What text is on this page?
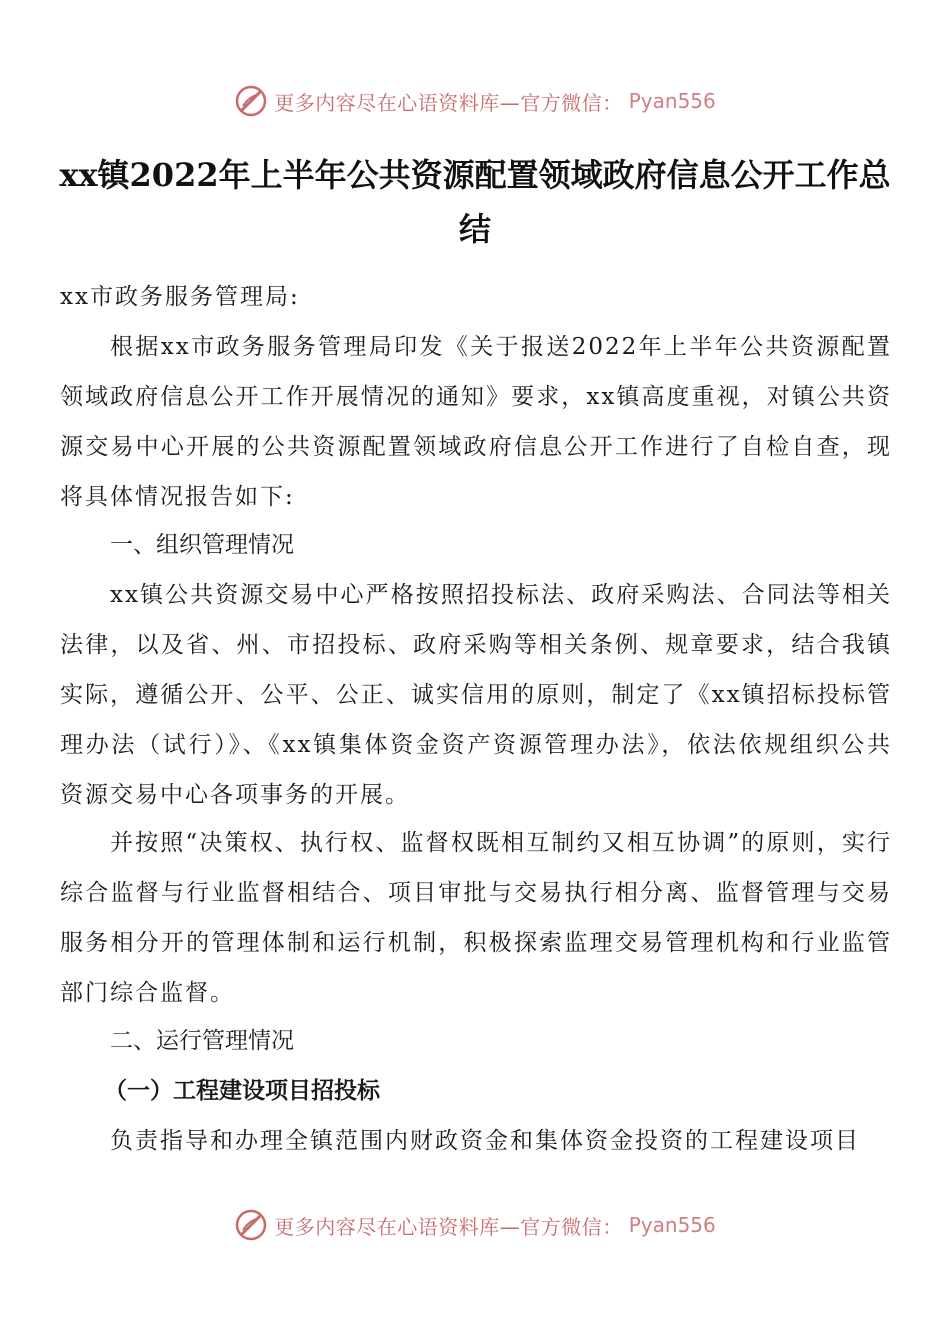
更多内容尽在心语资料库—官方微信： Pyan556
xx镇2022年上半年公共资源配置领域政府信息公开工作总结
xx市政务服务管理局:
根据xx市政务服务管理局印发《关于报送2022年上半年公共资源配置领域政府信息公开工作开展情况的通知》要求，xx镇高度重视，对镇公共资源交易中心开展的公共资源配置领域政府信息公开工作进行了自检自查，现将具体情况报告如下:
一、组织管理情况
xx镇公共资源交易中心严格按照招投标法、政府采购法、合同法等相关法律，以及省、州、市招投标、政府采购等相关条例、规章要求，结合我镇实际，遵循公开、公平、公正、诚实信用的原则，制定了《xx镇招标投标管理办法（试行）》、《xx镇集体资金资产资源管理办法》，依法依规组织公共资源交易中心各项事务的开展。
并按照“决策权、执行权、监督权既相互制约又相互协调”的原则，实行综合监督与行业监督相结合、项目审批与交易执行相分离、监督管理与交易服务相分开的管理体制和运行机制，积极探索监理交易管理机构和行业监管部门综合监督。
二、运行管理情况
（一）工程建设项目招投标
负责指导和办理全镇范围内财政资金和集体资金投资的工程建设项目
更多内容尽在心语资料库—官方微信： Pyan556
